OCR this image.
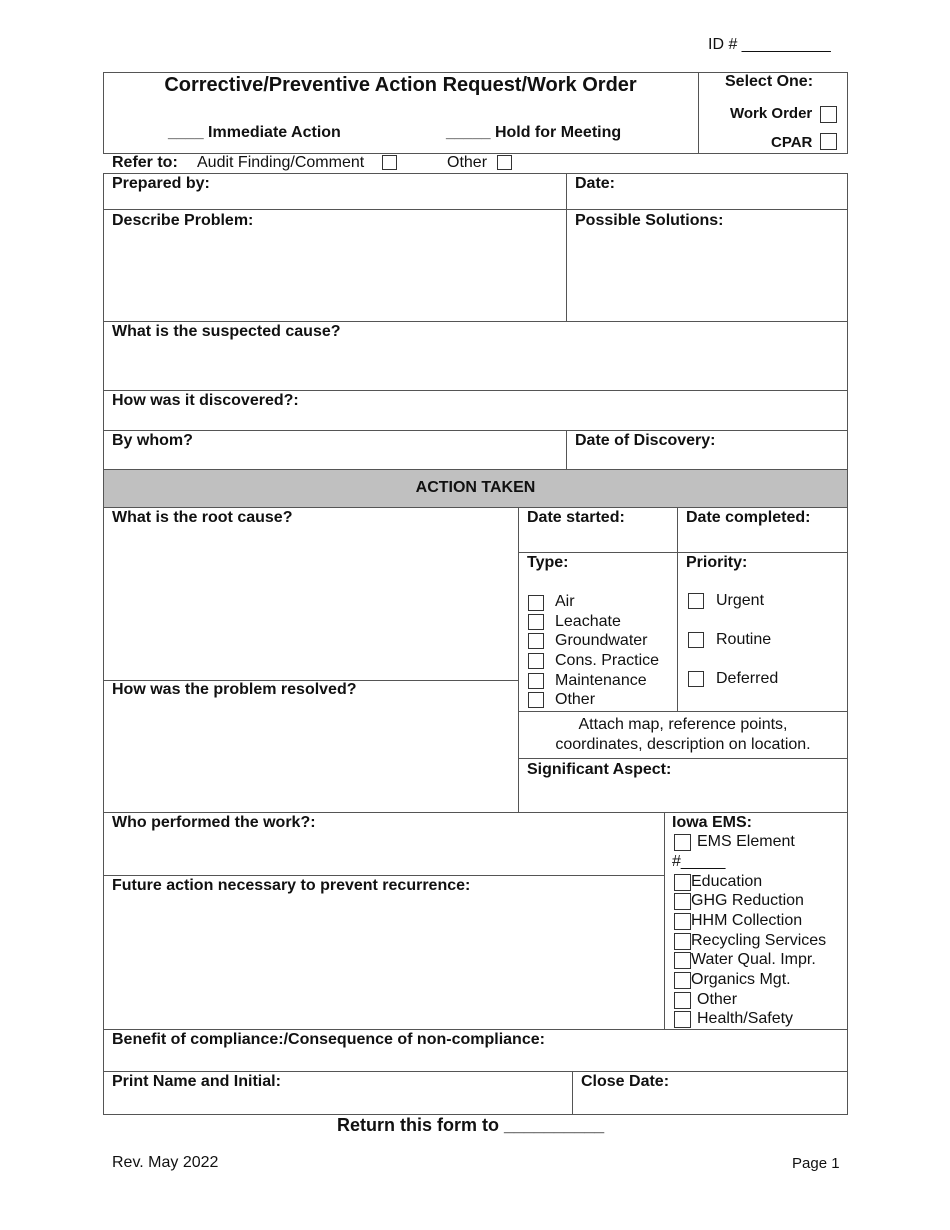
ID # __________
Corrective/Preventive Action Request/Work Order
____ Immediate Action	_____ Hold for Meeting
Select One:
Work Order
CPAR
Refer to: Audit Finding/Comment	Other
ACTION TAKEN
Prepared by:	Date:
Describe Problem:	Possible Solutions:
What is the suspected cause?
How was it discovered?:
By whom?	Date of Discovery:
What is the root cause?	Date started:	Date completed:
Type:	Priority:
Air
Leachate
Groundwater
Cons. Practice
Maintenance
Other
Urgent
Routine
Deferred
How was the problem resolved?
Attach map, reference points,
coordinates, description on location.
Significant Aspect:
Who performed the work?:
Future action necessary to prevent recurrence:
Iowa EMS:
EMS Element
#_____
Education
GHG Reduction
HHM Collection
Recycling Services
Water Qual. Impr.
Organics Mgt.
Other
Health/Safety
Benefit of compliance:/Consequence of non-compliance:
Print Name and Initial:	Close Date:
Return this form to __________
Rev. May 2022	Page 1
